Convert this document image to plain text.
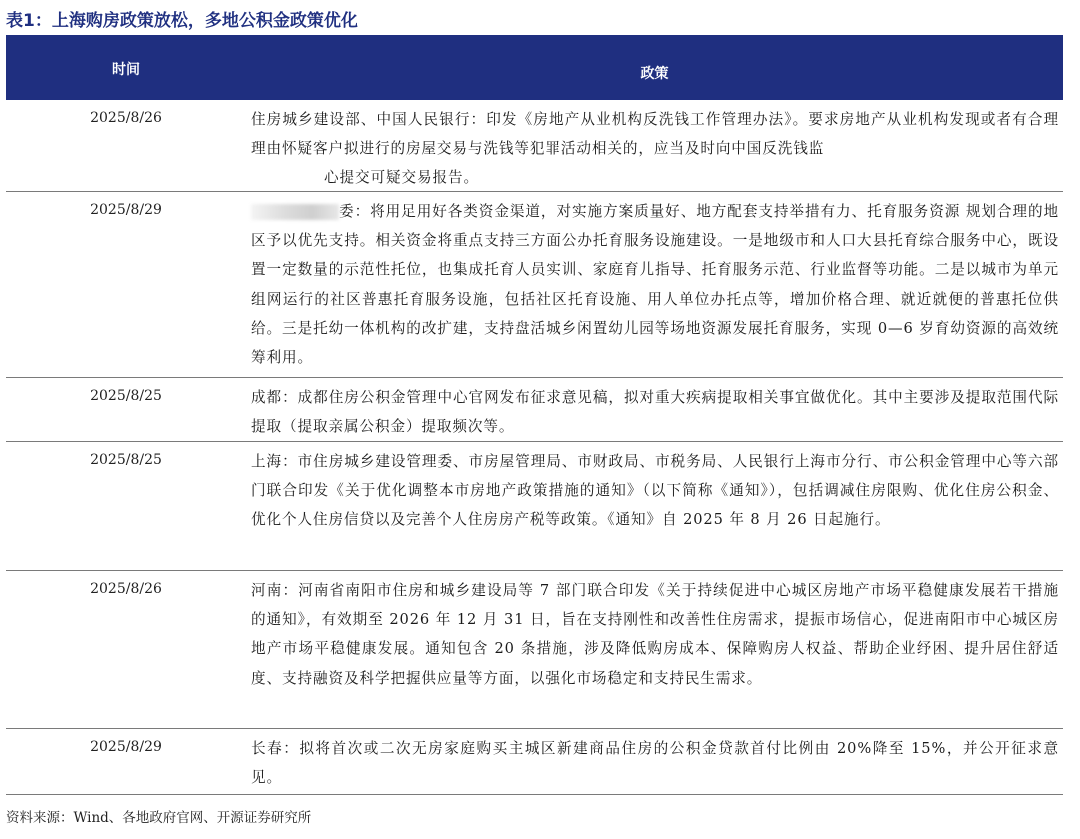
表1：上海购房政策放松，多地公积金政策优化
时间	政策
2025/8/26	住房城乡建设部、中国人民银行：印发《房地产从业机构反洗钱工作管理办法》。要求房地产从业机构发现或者有合理理由怀疑客户拟进行的房屋交易与洗钱等犯罪活动相关的，应当及时向中国反洗钱监
心提交可疑交易报告。
2025/8/29	委：将用足用好各类资金渠道，对实施方案质量好、地方配套支持举措有力、托育服务资源 规划合理的地区予以优先支持。相关资金将重点支持三方面公办托育服务设施建设。一是地级市和人口大县托育综合服务中心，既设置一定数量的示范性托位，也集成托育人员实训、家庭育儿指导、托育服务示范、行业监督等功能。二是以城市为单元组网运行的社区普惠托育服务设施，包括社区托育设施、用人单位办托点等，增加价格合理、就近就便的普惠托位供给。三是托幼一体机构的改扩建，支持盘活城乡闲置幼儿园等场地资源发展托育服务，实现 0—6 岁育幼资源的高效统筹利用。
2025/8/25	成都：成都住房公积金管理中心官网发布征求意见稿，拟对重大疾病提取相关事宜做优化。其中主要涉及提取范围代际提取（提取亲属公积金）提取频次等。
2025/8/25	上海：市住房城乡建设管理委、市房屋管理局、市财政局、市税务局、人民银行上海市分行、市公积金管理中心等六部门联合印发《关于优化调整本市房地产政策措施的通知》（以下简称《通知》），包括调减住房限购、优化住房公积金、优化个人住房信贷以及完善个人住房房产税等政策。《通知》自 2025 年 8 月 26 日起施行。
2025/8/26	河南：河南省南阳市住房和城乡建设局等 7 部门联合印发《关于持续促进中心城区房地产市场平稳健康发展若干措施的通知》，有效期至 2026 年 12 月 31 日，旨在支持刚性和改善性住房需求，提振市场信心，促进南阳市中心城区房地产市场平稳健康发展。通知包含 20 条措施，涉及降低购房成本、保障购房人权益、帮助企业纾困、提升居住舒适度、支持融资及科学把握供应量等方面，以强化市场稳定和支持民生需求。
2025/8/29	长春：拟将首次或二次无房家庭购买主城区新建商品住房的公积金贷款首付比例由 20%降至 15%，并公开征求意见。
资料来源：Wind、各地政府官网、开源证券研究所
